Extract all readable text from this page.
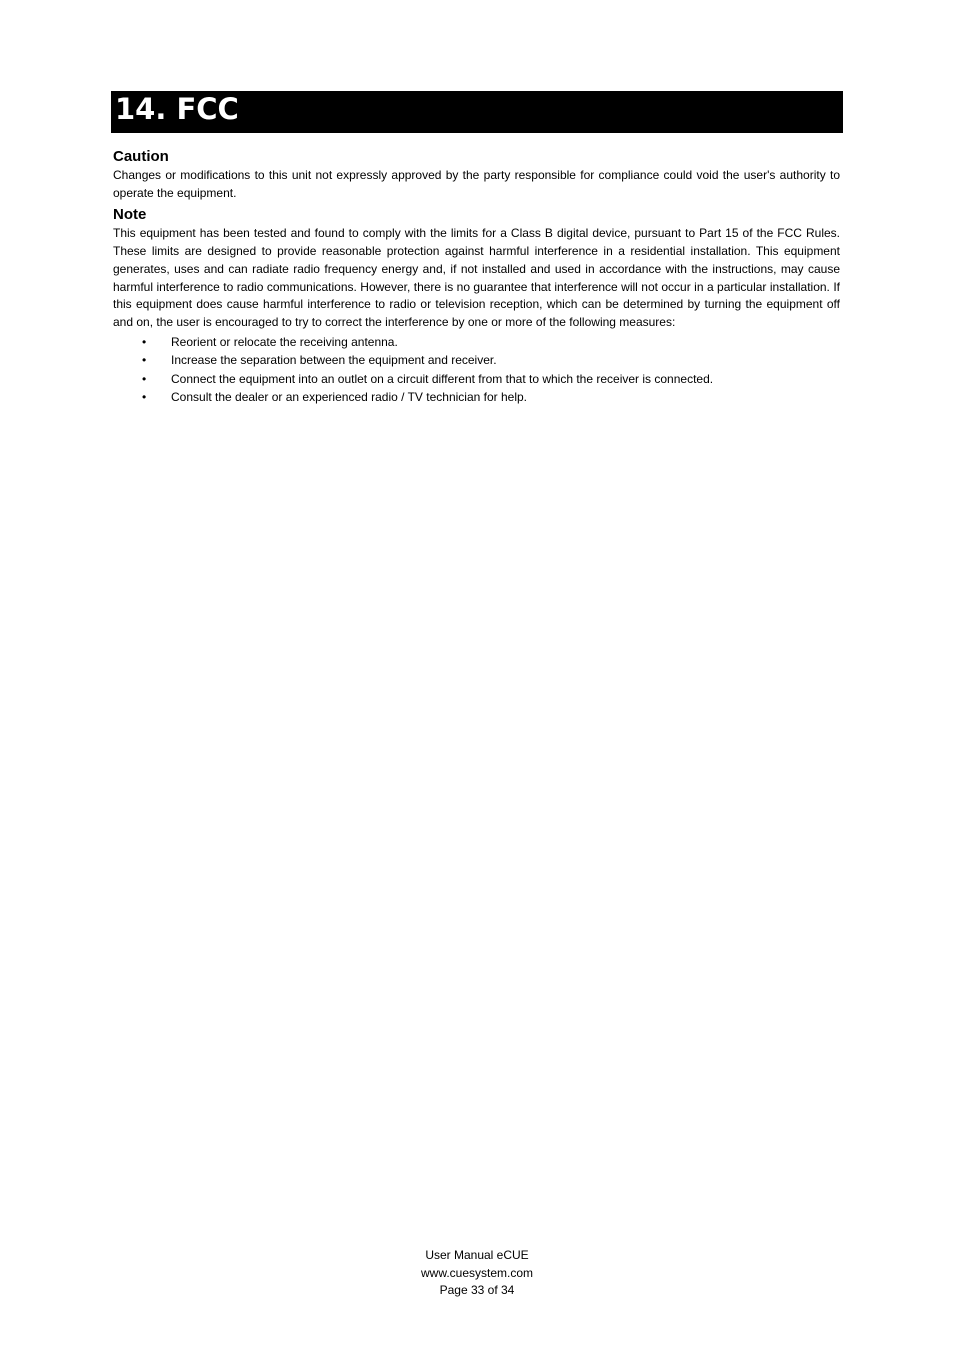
14. FCC
Caution

Changes or modifications to this unit not expressly approved by the party responsible for compliance could void the user's authority to operate the equipment.

Note

This equipment has been tested and found to comply with the limits for a Class B digital device, pursuant to Part 15 of the FCC Rules. These limits are designed to provide reasonable protection against harmful interference in a residential installation. This equipment generates, uses and can radiate radio frequency energy and, if not installed and used in accordance with the instructions, may cause harmful interference to radio communications. However, there is no guarantee that interference will not occur in a particular installation. If this equipment does cause harmful interference to radio or television reception, which can be determined by turning the equipment off and on, the user is encouraged to try to correct the interference by one or more of the following measures:

• Reorient or relocate the receiving antenna.
• Increase the separation between the equipment and receiver.
• Connect the equipment into an outlet on a circuit different from that to which the receiver is connected.
• Consult the dealer or an experienced radio / TV technician for help.
User Manual eCUE
www.cuesystem.com
Page 33 of 34
